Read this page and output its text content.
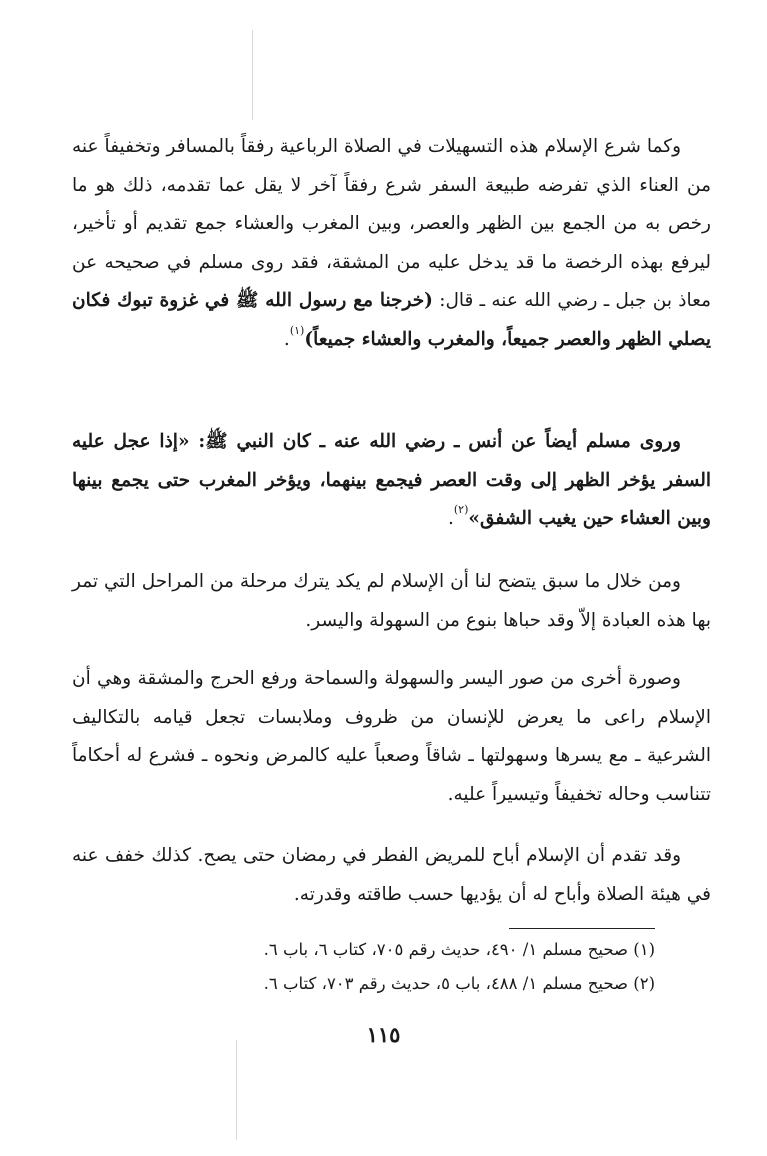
وكما شرع الإسلام هذه التسهيلات في الصلاة الرباعية رفقاً بالمسافر وتخفيفاً عنه من العناء الذي تفرضه طبيعة السفر شرع رفقاً آخر لا يقل عما تقدمه، ذلك هو ما رخص به من الجمع بين الظهر والعصر، وبين المغرب والعشاء جمع تقديم أو تأخير، ليرفع بهذه الرخصة ما قد يدخل عليه من المشقة، فقد روى مسلم في صحيحه عن معاذ بن جبل ـ رضي الله عنه ـ قال: (خرجنا مع رسول الله ﷺ في غزوة تبوك فكان يصلي الظهر والعصر جميعاً، والمغرب والعشاء جميعاً)$^{(١)}$.

وروى مسلم أيضاً عن أنس ـ رضي الله عنه ـ كان النبي ﷺ: «إذا عجل عليه السفر يؤخر الظهر إلى وقت العصر فيجمع بينهما، ويؤخر المغرب حتى يجمع بينها وبين العشاء حين يغيب الشفق»$^{(٢)}$.

ومن خلال ما سبق يتضح لنا أن الإسلام لم يكد يترك مرحلة من المراحل التي تمر بها هذه العبادة إلاّ وقد حباها بنوع من السهولة واليسر.

وصورة أخرى من صور اليسر والسهولة والسماحة ورفع الحرج والمشقة وهي أن الإسلام راعى ما يعرض للإنسان من ظروف وملابسات تجعل قيامه بالتكاليف الشرعية ـ مع يسرها وسهولتها ـ شاقاً وصعباً عليه كالمرض ونحوه ـ فشرع له أحكاماً تتناسب وحاله تخفيفاً وتيسيراً عليه.

وقد تقدم أن الإسلام أباح للمريض الفطر في رمضان حتى يصح. كذلك خفف عنه في هيئة الصلاة وأباح له أن يؤديها حسب طاقته وقدرته.

(١) صحيح مسلم ١/ ٤٩٠، حديث رقم ٧٠٥، كتاب ٦، باب ٦.
(٢) صحيح مسلم ١/ ٤٨٨، باب ٥، حديث رقم ٧٠٣، كتاب ٦.
١١٥
